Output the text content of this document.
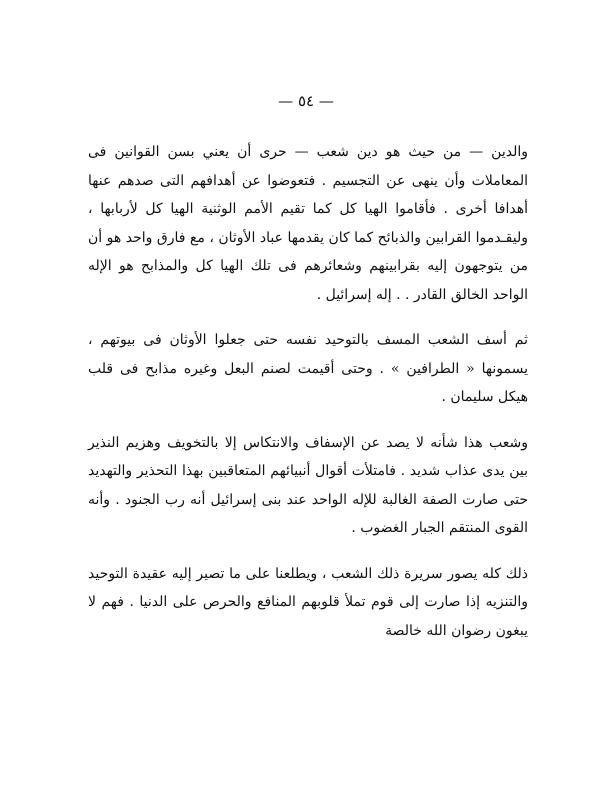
— ٥٤ —

والدين — من حيث هو دين شعب — حرى أن يعني بسن القوانين فى المعاملات وأن ينهى عن التجسيم . فتعوضوا عن أهدافهم التى صدهم عنها أهدافا أخرى . فأقاموا الهيا كل كما تقيم الأمم الوثنية الهيا كل لأربابها ، وليقـدموا القرابين والذبائح كما كان يقدمها عباد الأوثان ، مع فارق واحد هو أن من يتوجهون إليه بقرابينهم وشعائرهم فى تلك الهيا كل والمذابح هو الإله الواحد الخالق القادر . . إله إسرائيل .

ثم أسف الشعب المسف بالتوحيد نفسه حتى جعلوا الأوثان فى بيوتهم ، يسمونها « الطرافين » . وحتى أقيمت لصنم البعل وغيره مذابح فى قلب هيكل سليمان .

وشعب هذا شأنه لا يصد عن الإسفاف والانتكاس إلا بالتخويف وهزيم النذير بين يدى عذاب شديد . فامتلأت أقوال أنبيائهم المتعاقبين بهذا التحذير والتهديد حتى صارت الصفة الغالبة للإله الواحد عند بنى إسرائيل أنه رب الجنود . وأنه القوى المنتقم الجبار الغضوب .

ذلك كله يصور سريرة ذلك الشعب ، ويطلعنا على ما تصير إليه عقيدة التوحيد والتنزيه إذا صارت إلى قوم تملأ قلوبهم المنافع والحرص على الدنيا . فهم لا يبغون رضوان الله خالصة
